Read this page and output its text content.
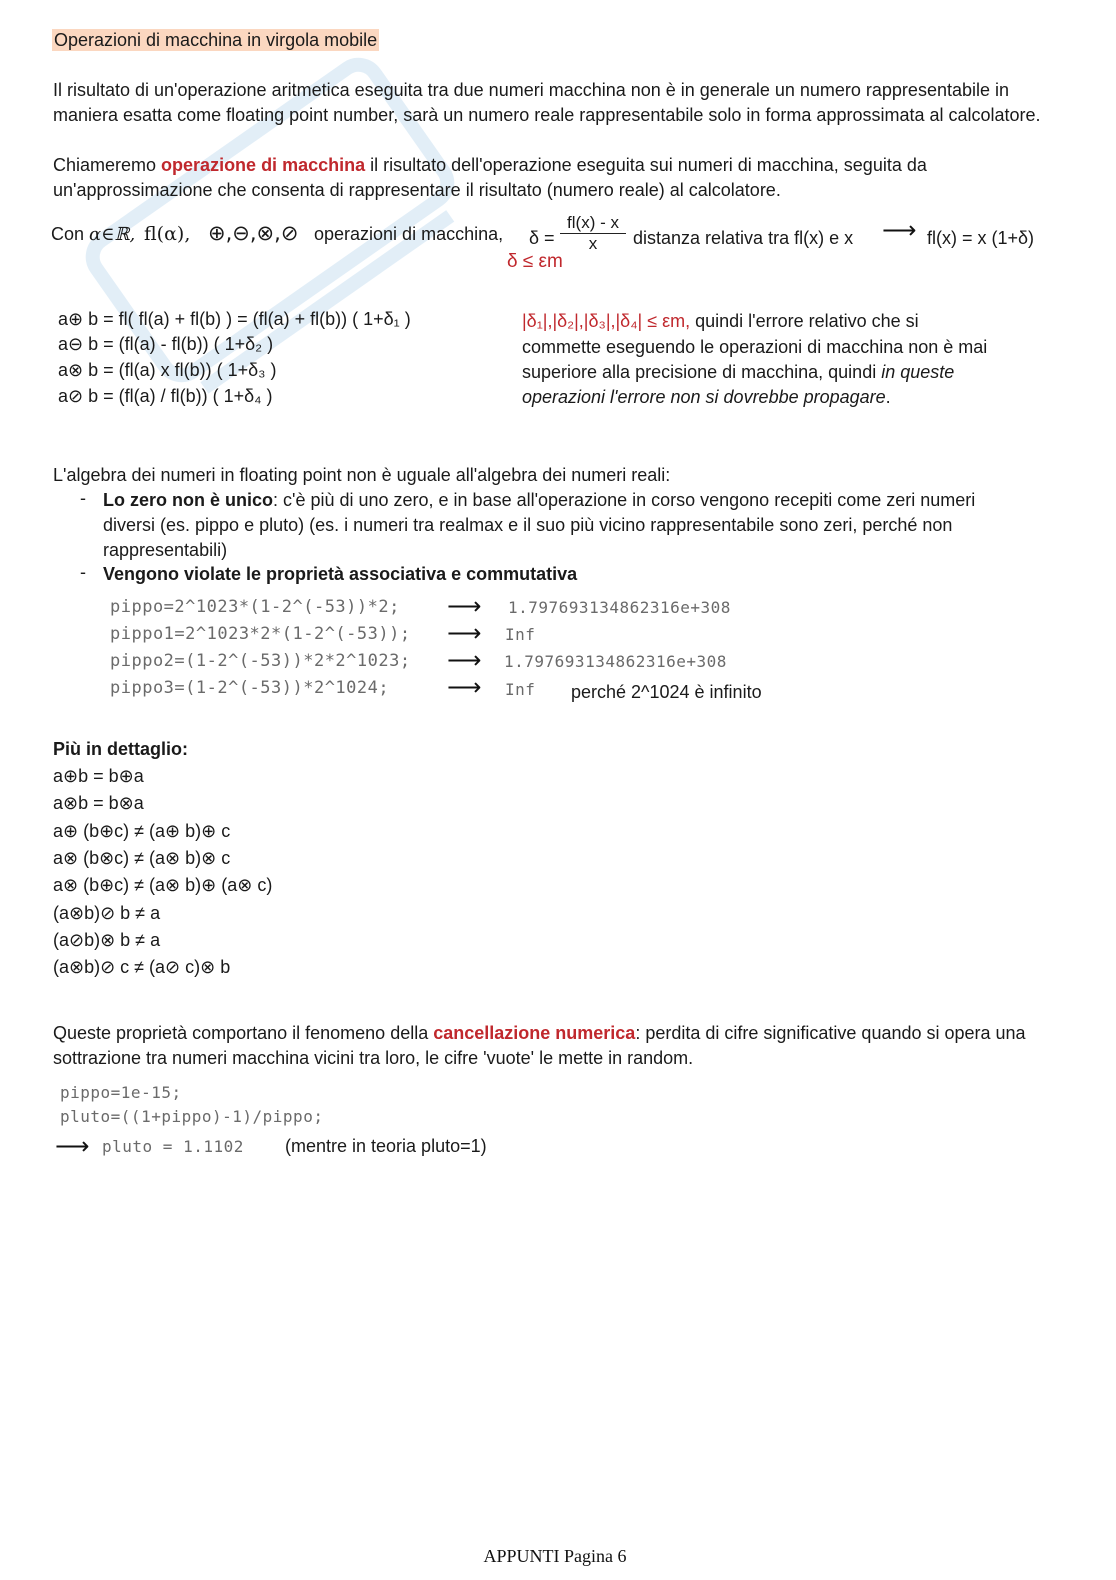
Operazioni di macchina in virgola mobile
Il risultato di un'operazione aritmetica eseguita tra due numeri macchina non è in generale un numero rappresentabile in maniera esatta come floating point number, sarà un numero reale rappresentabile solo in forma approssimata al calcolatore.
Chiameremo operazione di macchina il risultato dell'operazione eseguita sui numeri di macchina, seguita da un'approssimazione che consenta di rappresentare il risultato (numero reale) al calcolatore.
Con α∈ℝ, fl(α), ⊕,⊖,⊗,⊘ operazioni di macchina, $\delta = \frac{fl(x) - x}{x}$ distanza relativa tra fl(x) e x ⟶ fl(x) = x (1+δ)
δ ≤ εm
a⊕ b = fl( fl(a) + fl(b) ) = (fl(a) + fl(b)) ( 1+δ₁ )
a⊖ b = (fl(a) - fl(b)) ( 1+δ₂ )
a⊗ b = (fl(a) x fl(b)) ( 1+δ₃ )
a⊘ b = (fl(a) / fl(b)) ( 1+δ₄ )
|δ₁|,|δ₂|,|δ₃|,|δ₄| ≤ εm, quindi l'errore relativo che si
commette eseguendo le operazioni di macchina non è mai
superiore alla precisione di macchina, quindi in queste
operazioni l'errore non si dovrebbe propagare.
L'algebra dei numeri in floating point non è uguale all'algebra dei numeri reali:
- Lo zero non è unico: c'è più di uno zero, e in base all'operazione in corso vengono recepiti come zeri numeri diversi (es. pippo e pluto) (es. i numeri tra realmax e il suo più vicino rappresentabile sono zeri, perché non rappresentabili)
- Vengono violate le proprietà associativa e commutativa
pippo=2^1023*(1-2^(-53))*2; ⟶ 1.797693134862316e+308
pippo1=2^1023*2*(1-2^(-53)); ⟶ Inf
pippo2=(1-2^(-53))*2*2^1023; ⟶ 1.797693134862316e+308
pippo3=(1-2^(-53))*2^1024; ⟶ Inf perché 2^1024 è infinito
Più in dettaglio:
a⊕b = b⊕a
a⊗b = b⊗a
a⊕ (b⊕c) ≠ (a⊕ b)⊕ c
a⊗ (b⊗c) ≠ (a⊗ b)⊗ c
a⊗ (b⊕c) ≠ (a⊗ b)⊕ (a⊗ c)
(a⊗b)⊘ b ≠ a
(a⊘b)⊗ b ≠ a
(a⊗b)⊘ c ≠ (a⊘ c)⊗ b
Queste proprietà comportano il fenomeno della cancellazione numerica: perdita di cifre significative quando si opera una sottrazione tra numeri macchina vicini tra loro, le cifre 'vuote' le mette in random.
pippo=1e-15;
pluto=((1+pippo)-1)/pippo;
⟶ pluto = 1.1102 (mentre in teoria pluto=1)
APPUNTI Pagina 6
